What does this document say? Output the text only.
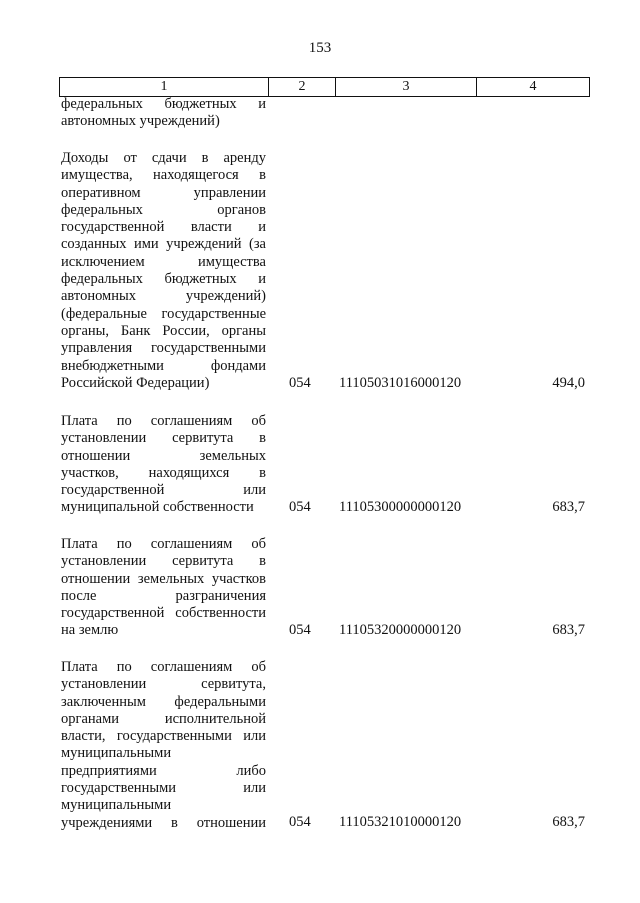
153
1	2	3	4
федеральных бюджетных и
автономных учреждений)
Доходы от сдачи в аренду
имущества, находящегося в
оперативном управлении
федеральных органов
государственной власти и
созданных ими учреждений (за
исключением имущества
федеральных бюджетных и
автономных учреждений)
(федеральные государственные
органы, Банк России, органы
управления государственными
внебюджетными фондами
Российской Федерации)	054	11105031016000120	494,0
Плата по соглашениям об
установлении сервитута в
отношении земельных
участков, находящихся в
государственной или
муниципальной собственности	054	11105300000000120	683,7
Плата по соглашениям об
установлении сервитута в
отношении земельных участков
после разграничения
государственной собственности
на землю	054	11105320000000120	683,7
Плата по соглашениям об
установлении сервитута,
заключенным федеральными
органами исполнительной
власти, государственными или
муниципальными
предприятиями либо
государственными или
муниципальными
учреждениями в отношении 054	11105321010000120	683,7
